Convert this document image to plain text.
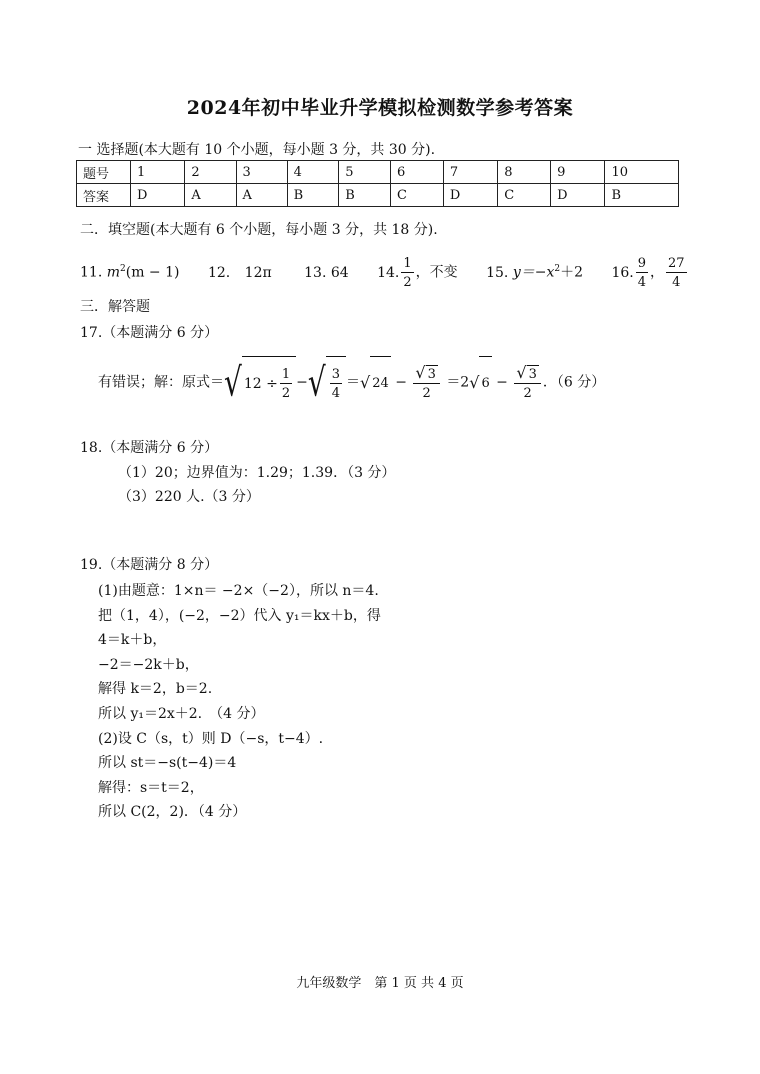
2024年初中毕业升学模拟检测数学参考答案
一 选择题(本大题有 10 个小题，每小题 3 分，共 30 分).
题号	1	2	3	4	5	6	7	8	9	10
答案	D	A	A	B	B	C	D	C	D	B
二．填空题(本大题有 6 个小题，每小题 3 分，共 18 分).
11. $m^2(m - 1)$ 12. 12π 13. 64 14. $\frac{1}{2}$ ，不变 15. $y=-x^2+2$ 16. $\frac{9}{4}$ ， $\frac{27}{4}$
三．解答题
17.（本题满分 6 分）
有错误；解：原式＝√ $12 \div \frac{1}{2}$ −√ $\frac{3}{4}$ ＝√ $24 - \frac{√ 3}{2} =2√$ $6 - \frac{√ 3}{2}$ ．（6 分）
18.（本题满分 6 分）
（1）20；边界值为：1.29；1.39．（3 分）
（3）220 人.（3 分）
19.（本题满分 8 分）
(1)由题意：1×n＝ −2×（−2），所以 n＝4.
把（1，4），(−2，−2）代入 y₁＝kx＋b，得
4＝k＋b，
−2＝−2k＋b，
解得 k＝2，b＝2.
所以 y₁＝2x＋2.　（4 分）
(2)设 C（s，t）则 D（−s，t−4）.
所以 st＝−s(t−4)＝4
解得：s＝t＝2，
所以 C(2，2)．（4 分）
九年级数学　第 1 页 共 4 页
